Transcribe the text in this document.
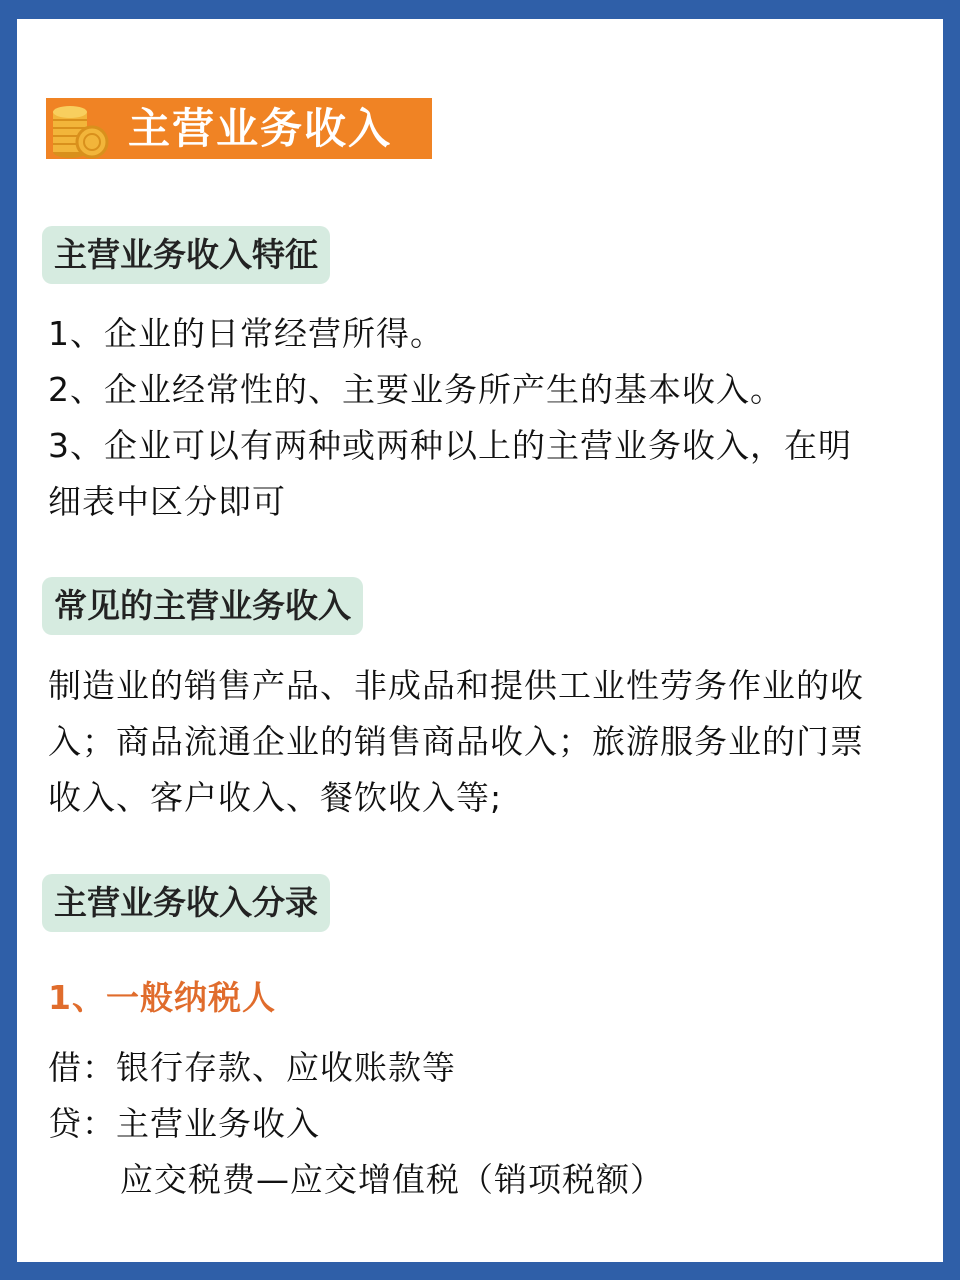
主营业务收入
主营业务收入特征
1、企业的日常经营所得。
2、企业经常性的、主要业务所产生的基本收入。
3、企业可以有两种或两种以上的主营业务收入，在明
细表中区分即可
常见的主营业务收入
制造业的销售产品、非成品和提供工业性劳务作业的收
入；商品流通企业的销售商品收入；旅游服务业的门票
收入、客户收入、餐饮收入等;
主营业务收入分录
1、一般纳税人
借：银行存款、应收账款等
贷：主营业务收入
应交税费—应交增值税（销项税额）
